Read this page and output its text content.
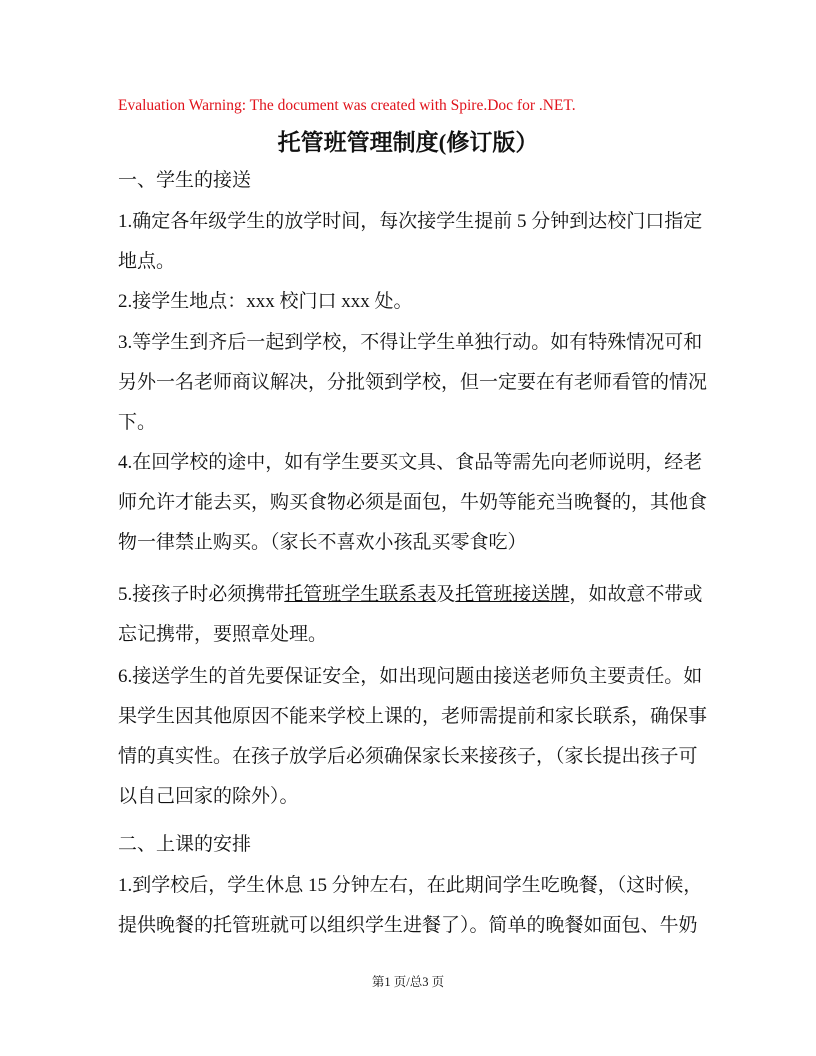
Evaluation Warning: The document was created with Spire.Doc for .NET.
托管班管理制度(修订版）
一、学生的接送
1.确定各年级学生的放学时间，每次接学生提前 5 分钟到达校门口指定
地点。
2.接学生地点：xxx 校门口 xxx 处。
3.等学生到齐后一起到学校，不得让学生单独行动。如有特殊情况可和
另外一名老师商议解决，分批领到学校，但一定要在有老师看管的情况
下。
4.在回学校的途中，如有学生要买文具、食品等需先向老师说明，经老
师允许才能去买，购买食物必须是面包，牛奶等能充当晚餐的，其他食
物一律禁止购买。（家长不喜欢小孩乱买零食吃）
5.接孩子时必须携带托管班学生联系表及托管班接送牌，如故意不带或
忘记携带，要照章处理。
6.接送学生的首先要保证安全，如出现问题由接送老师负主要责任。如
果学生因其他原因不能来学校上课的，老师需提前和家长联系，确保事
情的真实性。在孩子放学后必须确保家长来接孩子，（家长提出孩子可
以自己回家的除外）。
二、上课的安排
1.到学校后，学生休息 15 分钟左右，在此期间学生吃晚餐，（这时候，
提供晚餐的托管班就可以组织学生进餐了）。简单的晚餐如面包、牛奶
第1 页/总3 页
